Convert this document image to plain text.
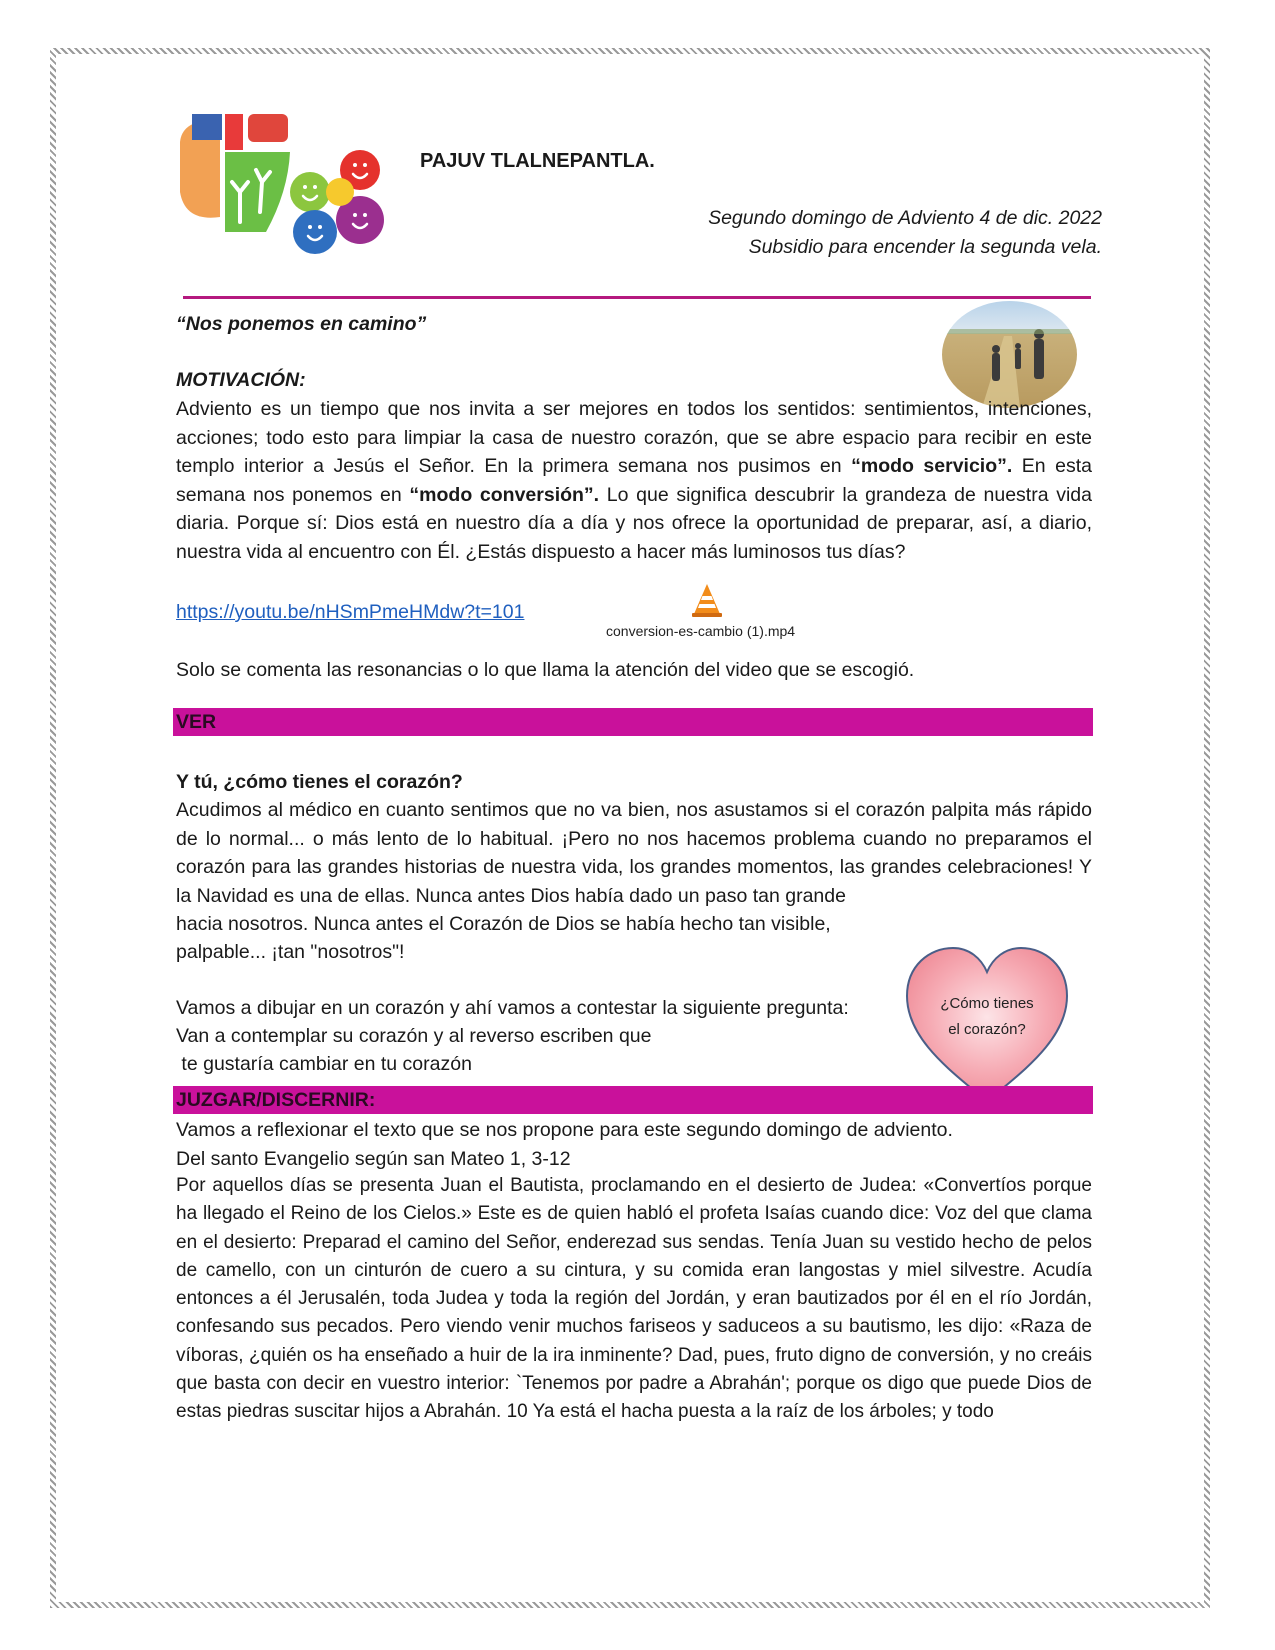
PAJUV TLALNEPANTLA.
Segundo domingo de Adviento 4 de dic. 2022
Subsidio para encender la segunda vela.
“Nos ponemos en camino”
MOTIVACIÓN:
Adviento es un tiempo que nos invita a ser mejores en todos los sentidos: sentimientos, intenciones, acciones; todo esto para limpiar la casa de nuestro corazón, que se abre espacio para recibir en este templo interior a Jesús el Señor. En la primera semana nos pusimos en “modo servicio”. En esta semana nos ponemos en “modo conversión”. Lo que significa descubrir la grandeza de nuestra vida diaria. Porque sí: Dios está en nuestro día a día y nos ofrece la oportunidad de preparar, así, a diario, nuestra vida al encuentro con Él. ¿Estás dispuesto a hacer más luminosos tus días?
https://youtu.be/nHSmPmeHMdw?t=101
conversion-es-cambio (1).mp4
Solo se comenta las resonancias o lo que llama la atención del video que se escogió.
VER
Y tú, ¿cómo tienes el corazón?
Acudimos al médico en cuanto sentimos que no va bien, nos asustamos si el corazón palpita más rápido de lo normal... o más lento de lo habitual. ¡Pero no nos hacemos problema cuando no preparamos el corazón para las grandes historias de nuestra vida, los grandes momentos, las grandes celebraciones! Y la Navidad es una de ellas. Nunca antes Dios había dado un paso tan grande
hacia nosotros. Nunca antes el Corazón de Dios se había hecho tan visible,
palpable... ¡tan "nosotros"!
Vamos a dibujar en un corazón y ahí vamos a contestar la siguiente pregunta:
Van a contemplar su corazón y al reverso escriben que
te gustaría cambiar en tu corazón
¿Cómo tienes
el corazón?
JUZGAR/DISCERNIR:
Vamos a reflexionar el texto que se nos propone para este segundo domingo de adviento.
Del santo Evangelio según san Mateo 1, 3-12
Por aquellos días se presenta Juan el Bautista, proclamando en el desierto de Judea: «Convertíos porque ha llegado el Reino de los Cielos.» Este es de quien habló el profeta Isaías cuando dice: Voz del que clama en el desierto: Preparad el camino del Señor, enderezad sus sendas. Tenía Juan su vestido hecho de pelos de camello, con un cinturón de cuero a su cintura, y su comida eran langostas y miel silvestre. Acudía entonces a él Jerusalén, toda Judea y toda la región del Jordán, y eran bautizados por él en el río Jordán, confesando sus pecados. Pero viendo venir muchos fariseos y saduceos a su bautismo, les dijo: «Raza de víboras, ¿quién os ha enseñado a huir de la ira inminente? Dad, pues, fruto digno de conversión, y no creáis que basta con decir en vuestro interior: `Tenemos por padre a Abrahán'; porque os digo que puede Dios de estas piedras suscitar hijos a Abrahán. 10 Ya está el hacha puesta a la raíz de los árboles; y todo
